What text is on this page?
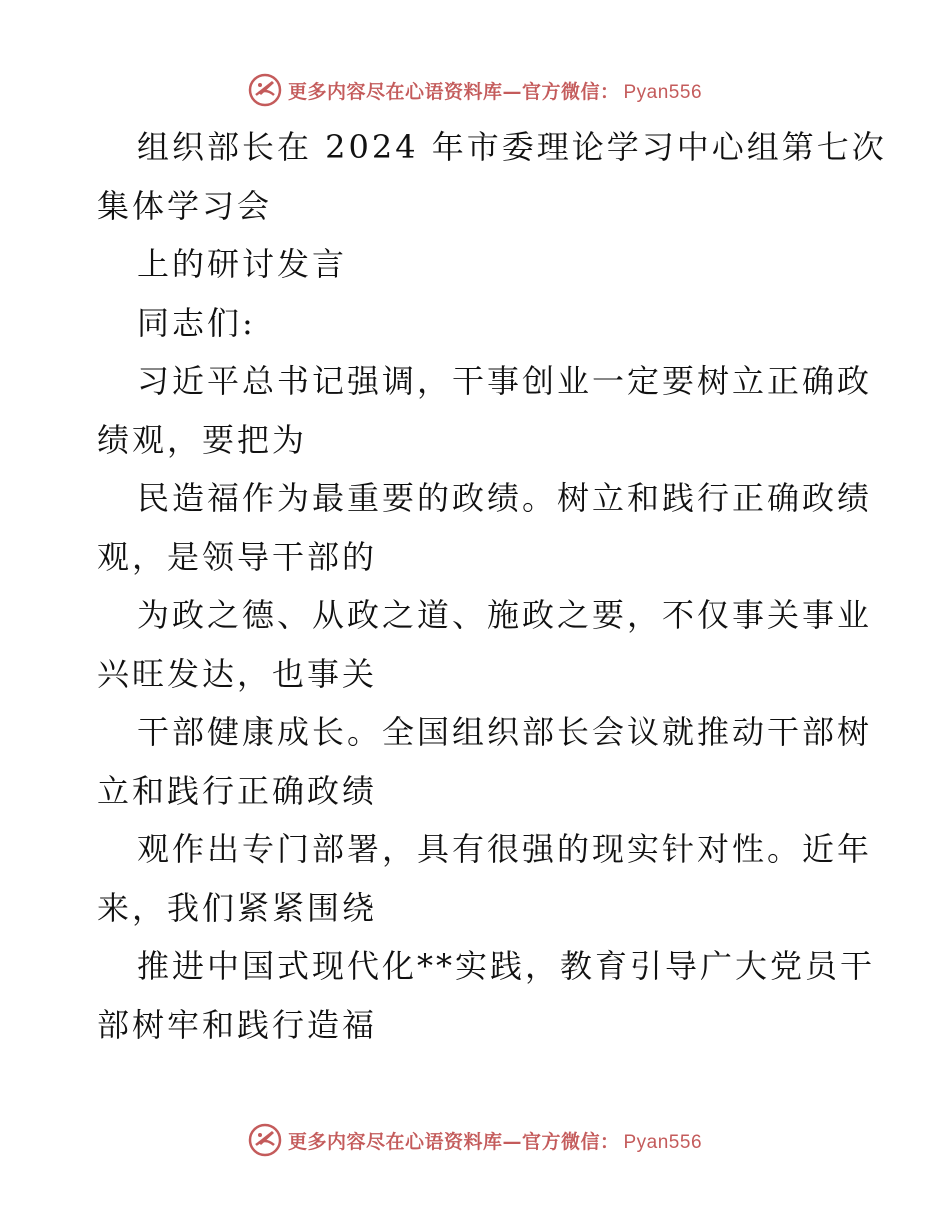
更多内容尽在心语资料库—官方微信： Pyan556
组织部长在 2024 年市委理论学习中心组第七次
集体学习会
上的研讨发言
同志们:
习近平总书记强调，干事创业一定要树立正确政
绩观，要把为
民造福作为最重要的政绩。树立和践行正确政绩
观，是领导干部的
为政之德、从政之道、施政之要，不仅事关事业
兴旺发达，也事关
干部健康成长。全国组织部长会议就推动干部树
立和践行正确政绩
观作出专门部署，具有很强的现实针对性。近年
来，我们紧紧围绕
推进中国式现代化**实践，教育引导广大党员干
部树牢和践行造福
更多内容尽在心语资料库—官方微信： Pyan556
